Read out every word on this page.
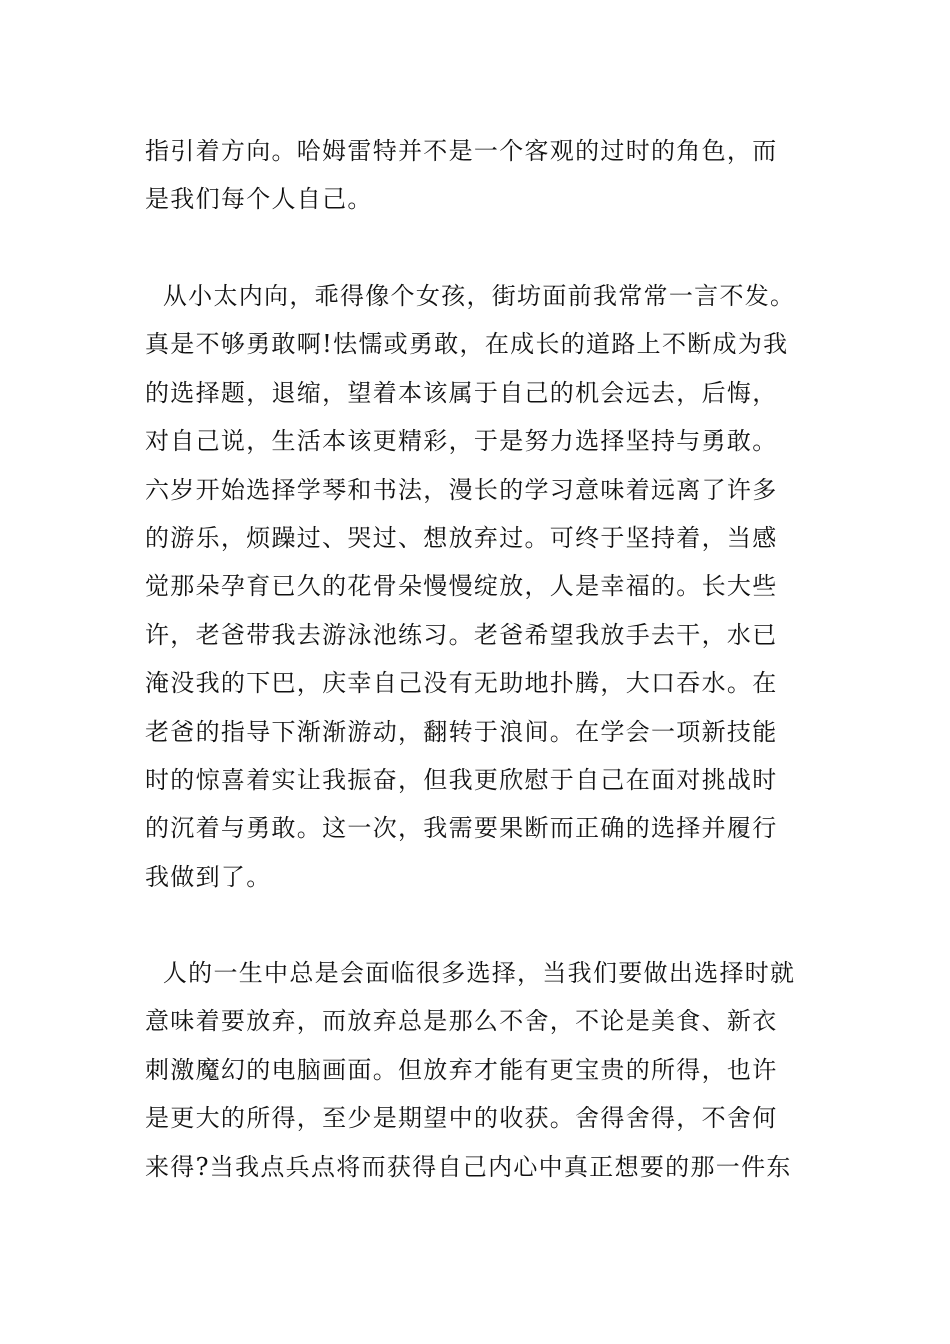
指引着方向。哈姆雷特并不是一个客观的过时的角色，而
是我们每个人自己。
从小太内向，乖得像个女孩，街坊面前我常常一言不发。
真是不够勇敢啊!怯懦或勇敢，在成长的道路上不断成为我
的选择题，退缩，望着本该属于自己的机会远去，后悔，
对自己说，生活本该更精彩，于是努力选择坚持与勇敢。
六岁开始选择学琴和书法，漫长的学习意味着远离了许多
的游乐，烦躁过、哭过、想放弃过。可终于坚持着，当感
觉那朵孕育已久的花骨朵慢慢绽放，人是幸福的。长大些
许，老爸带我去游泳池练习。老爸希望我放手去干，水已
淹没我的下巴，庆幸自己没有无助地扑腾，大口吞水。在
老爸的指导下渐渐游动，翻转于浪间。在学会一项新技能
时的惊喜着实让我振奋，但我更欣慰于自己在面对挑战时
的沉着与勇敢。这一次，我需要果断而正确的选择并履行
我做到了。
人的一生中总是会面临很多选择，当我们要做出选择时就
意味着要放弃，而放弃总是那么不舍，不论是美食、新衣
刺激魔幻的电脑画面。但放弃才能有更宝贵的所得，也许
是更大的所得，至少是期望中的收获。舍得舍得，不舍何
来得?当我点兵点将而获得自己内心中真正想要的那一件东
